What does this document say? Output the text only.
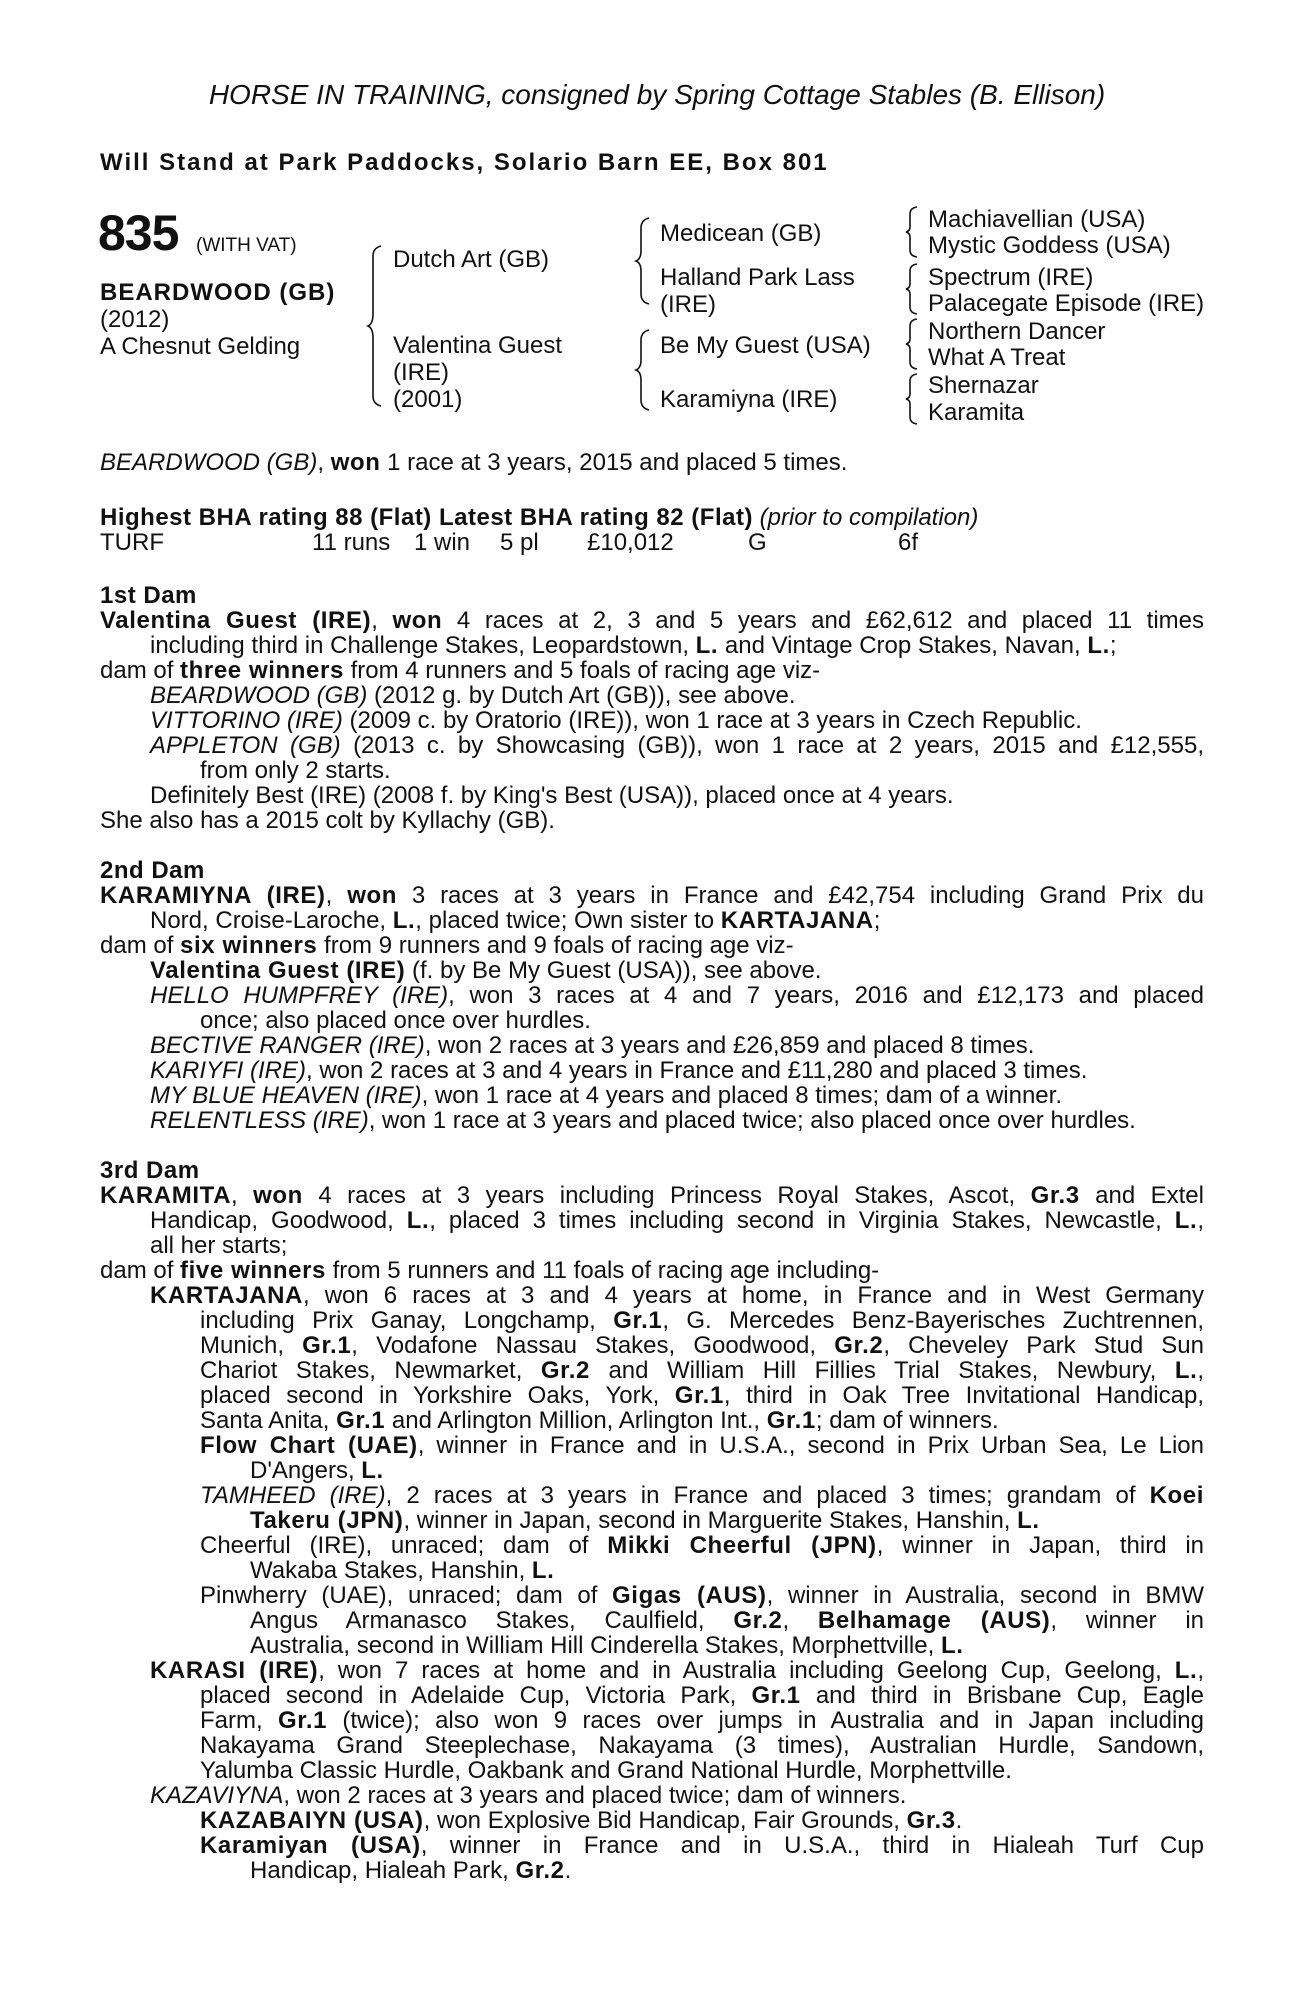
HORSE IN TRAINING, consigned by Spring Cottage Stables (B. Ellison)
Will Stand at Park Paddocks, Solario Barn EE, Box 801
835 (WITH VAT)
BEARDWOOD (GB)
(2012)
A Chesnut Gelding
Dutch Art (GB)
Valentina Guest
(IRE)
(2001)
Medicean (GB)
Halland Park Lass
(IRE)
Be My Guest (USA)
Karamiyna (IRE)
Machiavellian (USA)
Mystic Goddess (USA)
Spectrum (IRE)
Palacegate Episode (IRE)
Northern Dancer
What A Treat
Shernazar
Karamita
BEARDWOOD (GB), won 1 race at 3 years, 2015 and placed 5 times.
Highest BHA rating 88 (Flat) Latest BHA rating 82 (Flat) (prior to compilation)
TURF	11 runs 1 win 5 pl £10,012	G	6f
1st Dam
Valentina Guest (IRE), won 4 races at 2, 3 and 5 years and £62,612 and placed 11 times
including third in Challenge Stakes, Leopardstown, L. and Vintage Crop Stakes, Navan, L.;
dam of three winners from 4 runners and 5 foals of racing age viz-
BEARDWOOD (GB) (2012 g. by Dutch Art (GB)), see above.
VITTORINO (IRE) (2009 c. by Oratorio (IRE)), won 1 race at 3 years in Czech Republic.
APPLETON (GB) (2013 c. by Showcasing (GB)), won 1 race at 2 years, 2015 and £12,555,
from only 2 starts.
Definitely Best (IRE) (2008 f. by King's Best (USA)), placed once at 4 years.
She also has a 2015 colt by Kyllachy (GB).
2nd Dam
KARAMIYNA (IRE), won 3 races at 3 years in France and £42,754 including Grand Prix du
Nord, Croise-Laroche, L., placed twice; Own sister to KARTAJANA;
dam of six winners from 9 runners and 9 foals of racing age viz-
Valentina Guest (IRE) (f. by Be My Guest (USA)), see above.
HELLO HUMPFREY (IRE), won 3 races at 4 and 7 years, 2016 and £12,173 and placed
once; also placed once over hurdles.
BECTIVE RANGER (IRE), won 2 races at 3 years and £26,859 and placed 8 times.
KARIYFI (IRE), won 2 races at 3 and 4 years in France and £11,280 and placed 3 times.
MY BLUE HEAVEN (IRE), won 1 race at 4 years and placed 8 times; dam of a winner.
RELENTLESS (IRE), won 1 race at 3 years and placed twice; also placed once over hurdles.
3rd Dam
KARAMITA, won 4 races at 3 years including Princess Royal Stakes, Ascot, Gr.3 and Extel
Handicap, Goodwood, L., placed 3 times including second in Virginia Stakes, Newcastle, L.,
all her starts;
dam of five winners from 5 runners and 11 foals of racing age including-
KARTAJANA, won 6 races at 3 and 4 years at home, in France and in West Germany
including Prix Ganay, Longchamp, Gr.1, G. Mercedes Benz-Bayerisches Zuchtrennen,
Munich, Gr.1, Vodafone Nassau Stakes, Goodwood, Gr.2, Cheveley Park Stud Sun
Chariot Stakes, Newmarket, Gr.2 and William Hill Fillies Trial Stakes, Newbury, L.,
placed second in Yorkshire Oaks, York, Gr.1, third in Oak Tree Invitational Handicap,
Santa Anita, Gr.1 and Arlington Million, Arlington Int., Gr.1; dam of winners.
Flow Chart (UAE), winner in France and in U.S.A., second in Prix Urban Sea, Le Lion
D'Angers, L.
TAMHEED (IRE), 2 races at 3 years in France and placed 3 times; grandam of Koei
Takeru (JPN), winner in Japan, second in Marguerite Stakes, Hanshin, L.
Cheerful (IRE), unraced; dam of Mikki Cheerful (JPN), winner in Japan, third in
Wakaba Stakes, Hanshin, L.
Pinwherry (UAE), unraced; dam of Gigas (AUS), winner in Australia, second in BMW
Angus Armanasco Stakes, Caulfield, Gr.2, Belhamage (AUS), winner in
Australia, second in William Hill Cinderella Stakes, Morphettville, L.
KARASI (IRE), won 7 races at home and in Australia including Geelong Cup, Geelong, L.,
placed second in Adelaide Cup, Victoria Park, Gr.1 and third in Brisbane Cup, Eagle
Farm, Gr.1 (twice); also won 9 races over jumps in Australia and in Japan including
Nakayama Grand Steeplechase, Nakayama (3 times), Australian Hurdle, Sandown,
Yalumba Classic Hurdle, Oakbank and Grand National Hurdle, Morphettville.
KAZAVIYNA, won 2 races at 3 years and placed twice; dam of winners.
KAZABAIYN (USA), won Explosive Bid Handicap, Fair Grounds, Gr.3.
Karamiyan (USA), winner in France and in U.S.A., third in Hialeah Turf Cup
Handicap, Hialeah Park, Gr.2.
